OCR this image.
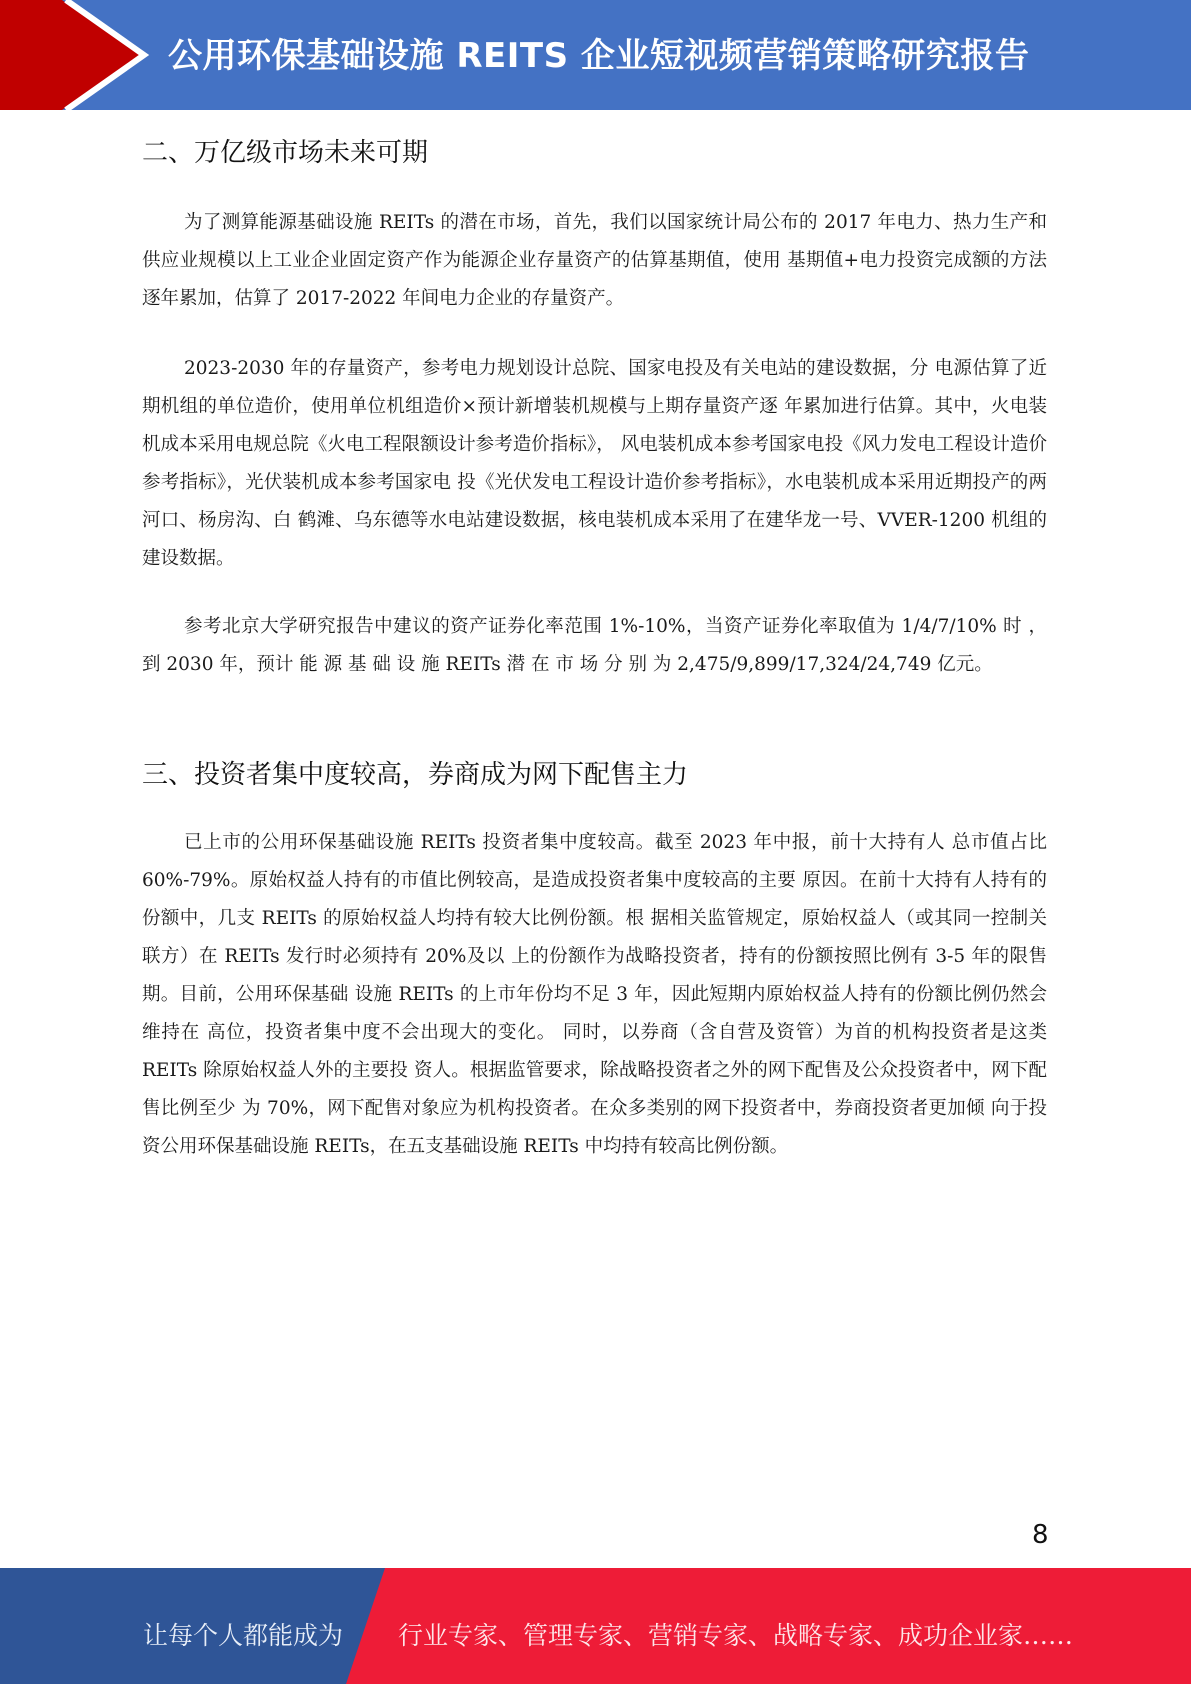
公用环保基础设施 REITS 企业短视频营销策略研究报告
二、万亿级市场未来可期
为了测算能源基础设施 REITs 的潜在市场，首先，我们以国家统计局公布的 2017 年电力、热力生产和供应业规模以上工业企业固定资产作为能源企业存量资产的估算基期值，使用 基期值+电力投资完成额的方法逐年累加，估算了 2017-2022 年间电力企业的存量资产。
2023-2030 年的存量资产，参考电力规划设计总院、国家电投及有关电站的建设数据，分 电源估算了近期机组的单位造价，使用单位机组造价×预计新增装机规模与上期存量资产逐 年累加进行估算。其中，火电装机成本采用电规总院《火电工程限额设计参考造价指标》， 风电装机成本参考国家电投《风力发电工程设计造价参考指标》，光伏装机成本参考国家电 投《光伏发电工程设计造价参考指标》，水电装机成本采用近期投产的两河口、杨房沟、白 鹤滩、乌东德等水电站建设数据，核电装机成本采用了在建华龙一号、VVER-1200 机组的 建设数据。
参考北京大学研究报告中建议的资产证券化率范围 1%-10%，当资产证券化率取值为 1/4/7/10% 时 ， 到 2030 年，预计 能 源 基 础 设 施 REITs 潜 在 市 场 分 别 为 2,475/9,899/17,324/24,749 亿元。
三、投资者集中度较高，券商成为网下配售主力
已上市的公用环保基础设施 REITs 投资者集中度较高。截至 2023 年中报，前十大持有人 总市值占比 60%-79%。原始权益人持有的市值比例较高，是造成投资者集中度较高的主要 原因。在前十大持有人持有的份额中，几支 REITs 的原始权益人均持有较大比例份额。根 据相关监管规定，原始权益人（或其同一控制关联方）在 REITs 发行时必须持有 20%及以 上的份额作为战略投资者，持有的份额按照比例有 3-5 年的限售期。目前，公用环保基础 设施 REITs 的上市年份均不足 3 年，因此短期内原始权益人持有的份额比例仍然会维持在 高位，投资者集中度不会出现大的变化。 同时，以券商（含自营及资管）为首的机构投资者是这类 REITs 除原始权益人外的主要投 资人。根据监管要求，除战略投资者之外的网下配售及公众投资者中，网下配售比例至少 为 70%，网下配售对象应为机构投资者。在众多类别的网下投资者中，券商投资者更加倾 向于投资公用环保基础设施 REITs，在五支基础设施 REITs 中均持有较高比例份额。
8
让每个人都能成为 行业专家、管理专家、营销专家、战略专家、成功企业家……
